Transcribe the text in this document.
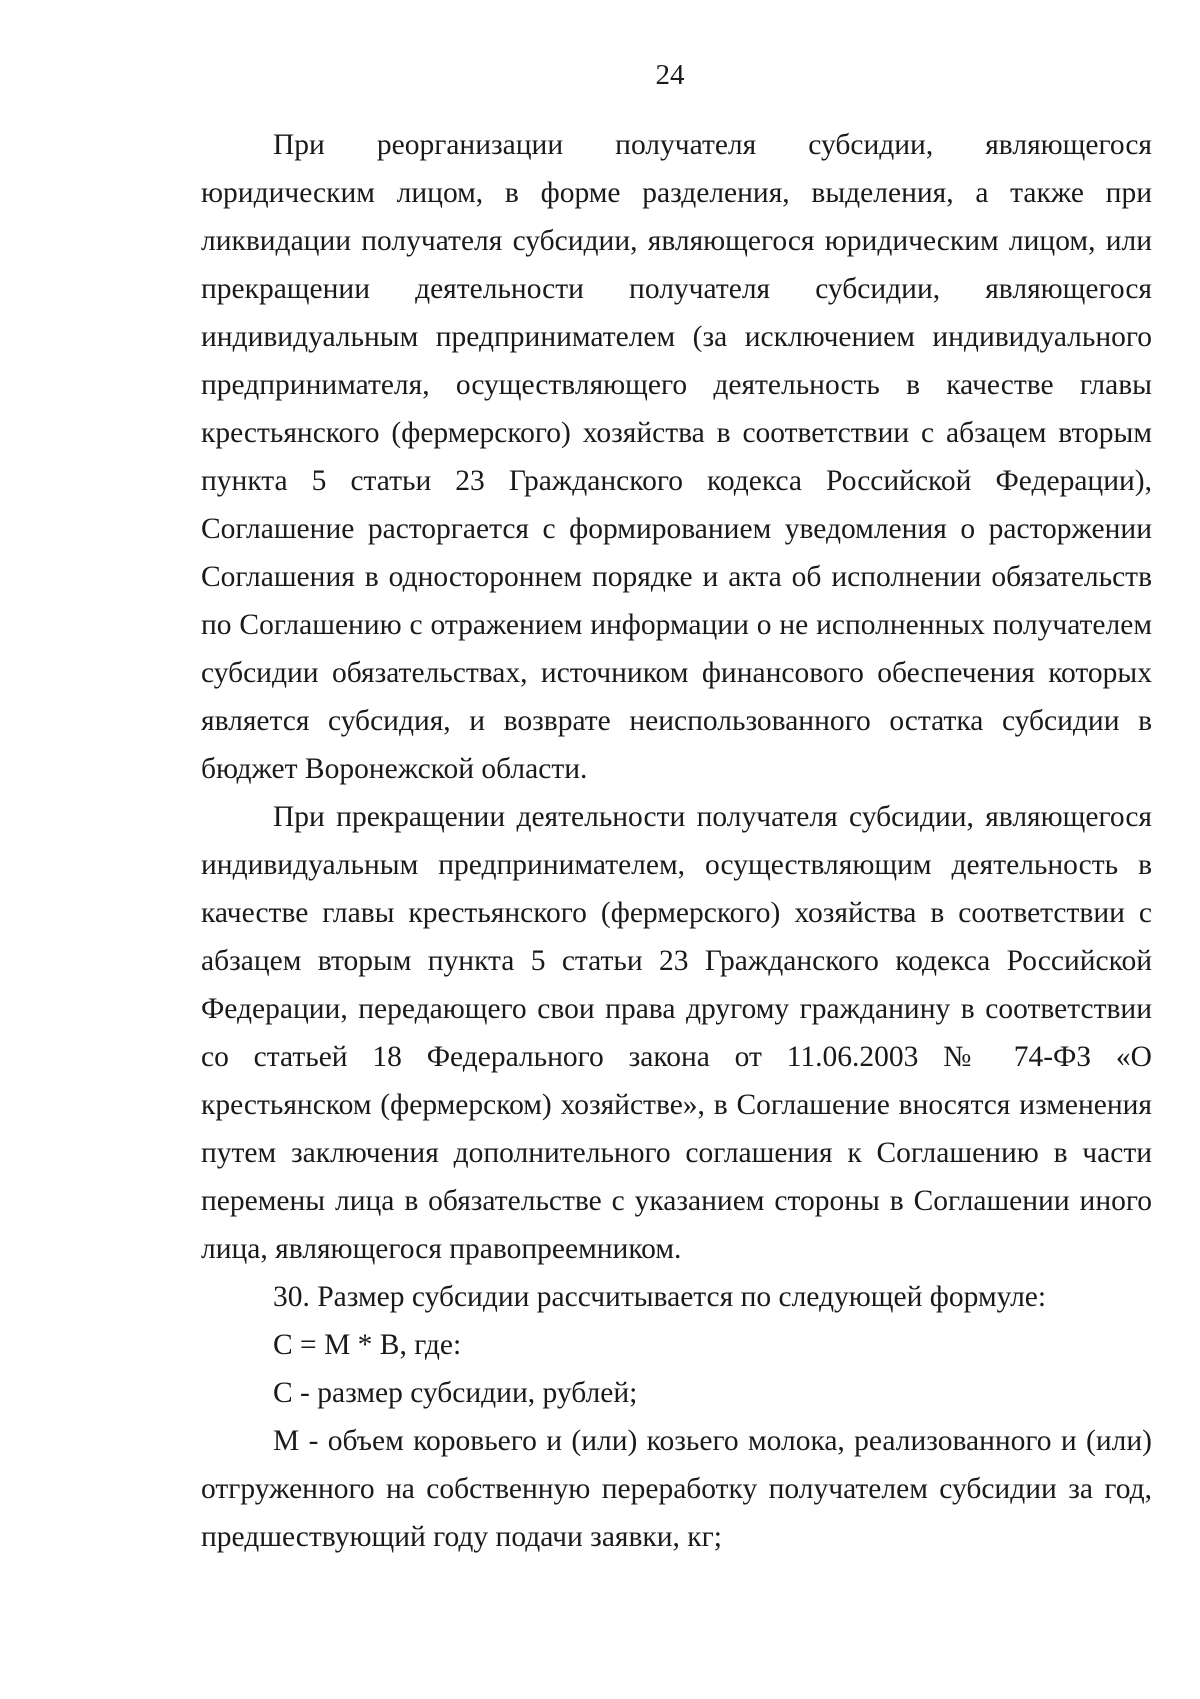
24

При реорганизации получателя субсидии, являющегося юридическим лицом, в форме разделения, выделения, а также при ликвидации получателя субсидии, являющегося юридическим лицом, или прекращении деятельности получателя субсидии, являющегося индивидуальным предпринимателем (за исключением индивидуального предпринимателя, осуществляющего деятельность в качестве главы крестьянского (фермерского) хозяйства в соответствии с абзацем вторым пункта 5 статьи 23 Гражданского кодекса Российской Федерации), Соглашение расторгается с формированием уведомления о расторжении Соглашения в одностороннем порядке и акта об исполнении обязательств по Соглашению с отражением информации о не исполненных получателем субсидии обязательствах, источником финансового обеспечения которых является субсидия, и возврате неиспользованного остатка субсидии в бюджет Воронежской области.

При прекращении деятельности получателя субсидии, являющегося индивидуальным предпринимателем, осуществляющим деятельность в качестве главы крестьянского (фермерского) хозяйства в соответствии с абзацем вторым пункта 5 статьи 23 Гражданского кодекса Российской Федерации, передающего свои права другому гражданину в соответствии со статьей 18 Федерального закона от 11.06.2003 № 74-ФЗ «О крестьянском (фермерском) хозяйстве», в Соглашение вносятся изменения путем заключения дополнительного соглашения к Соглашению в части перемены лица в обязательстве с указанием стороны в Соглашении иного лица, являющегося правопреемником.

30. Размер субсидии рассчитывается по следующей формуле:

С = М * В, где:

С - размер субсидии, рублей;

М - объем коровьего и (или) козьего молока, реализованного и (или) отгруженного на собственную переработку получателем субсидии за год, предшествующий году подачи заявки, кг;
